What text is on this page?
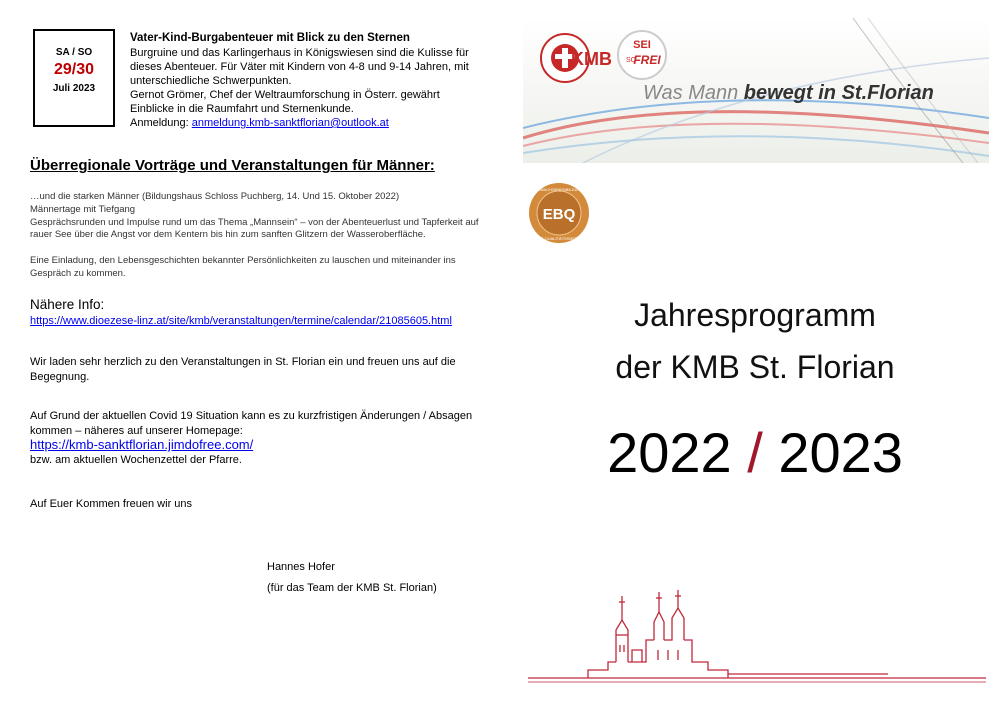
SA / SO
29/30
Juli 2023
Vater-Kind-Burgabenteuer mit Blick zu den Sternen

Burgruine und das Karlingerhaus in Königswiesen sind die Kulisse für dieses Abenteuer. Für Väter mit Kindern von 4-8 und 9-14 Jahren, mit unterschiedliche Schwerpunkten.

Gernot Grömer, Chef der Weltraumforschung in Österr. gewährt Einblicke in die Raumfahrt und Sternenkunde.

Anmeldung: anmeldung.kmb-sanktflorian@outlook.at

Überregionale Vorträge und Veranstaltungen für Männer:
…und die starken Männer (Bildungshaus Schloss Puchberg, 14. Und 15. Oktober 2022)
Männertage mit Tiefgang
Gesprächsrunden und Impulse rund um das Thema „Mannsein“ – von der Abenteuerlust und Tapferkeit auf rauer See über die Angst vor dem Kentern bis hin zum sanften Glitzern der Wasseroberfläche.
Eine Einladung, den Lebensgeschichten bekannter Persönlichkeiten zu lauschen und miteinander ins Gespräch zu kommen.
Nähere Info:
https://www.dioezese-linz.at/site/kmb/veranstaltungen/termine/calendar/21085605.html
Wir laden sehr herzlich zu den Veranstaltungen in St. Florian ein und freuen uns auf die Begegnung.
Auf Grund der aktuellen Covid 19 Situation kann es zu kurzfristigen Änderungen / Absagen kommen – näheres auf unserer Homepage:
https://kmb-sanktflorian.jimdofree.com/
bzw. am aktuellen Wochenzettel der Pfarre.
Auf Euer Kommen freuen wir uns
Hannes Hofer
(für das Team der KMB St. Florian)
KMB
SEI
SO
FREI
Was Mann bewegt in St.Florian
EBQ
ERWACHSENENBILDUNG
MIT QUALITÄTSSIEGEL
Jahresprogramm
der KMB St. Florian
2022 / 2023
